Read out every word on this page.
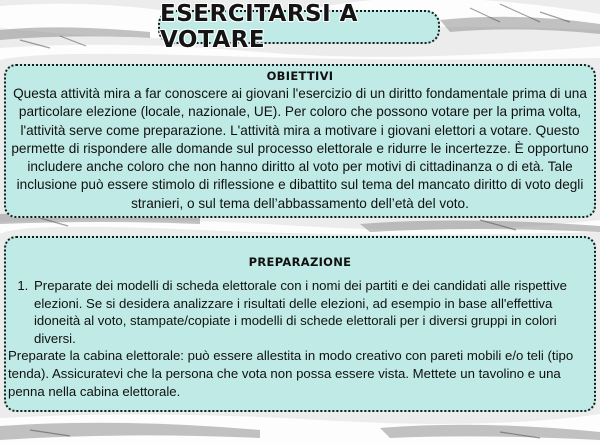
ESERCITARSI A VOTARE
OBIETTIVI

Questa attività mira a far conoscere ai giovani l'esercizio di un diritto fondamentale prima di una particolare elezione (locale, nazionale, UE). Per coloro che possono votare per la prima volta, l'attività serve come preparazione. L'attività mira a motivare i giovani elettori a votare. Questo permette di rispondere alle domande sul processo elettorale e ridurre le incertezze. È opportuno includere anche coloro che non hanno diritto al voto per motivi di cittadinanza o di età. Tale inclusione può essere stimolo di riflessione e dibattito sul tema del mancato diritto di voto degli stranieri, o sul tema dell’abbassamento dell’età del voto.

PREPARAZIONE
1. Preparate dei modelli di scheda elettorale con i nomi dei partiti e dei candidati alle rispettive elezioni. Se si desidera analizzare i risultati delle elezioni, ad esempio in base all'effettiva idoneità al voto, stampate/copiate i modelli di schede elettorali per i diversi gruppi in colori diversi.

Preparate la cabina elettorale: può essere allestita in modo creativo con pareti mobili e/o teli (tipo tenda). Assicuratevi che la persona che vota non possa essere vista. Mettete un tavolino e una penna nella cabina elettorale.
